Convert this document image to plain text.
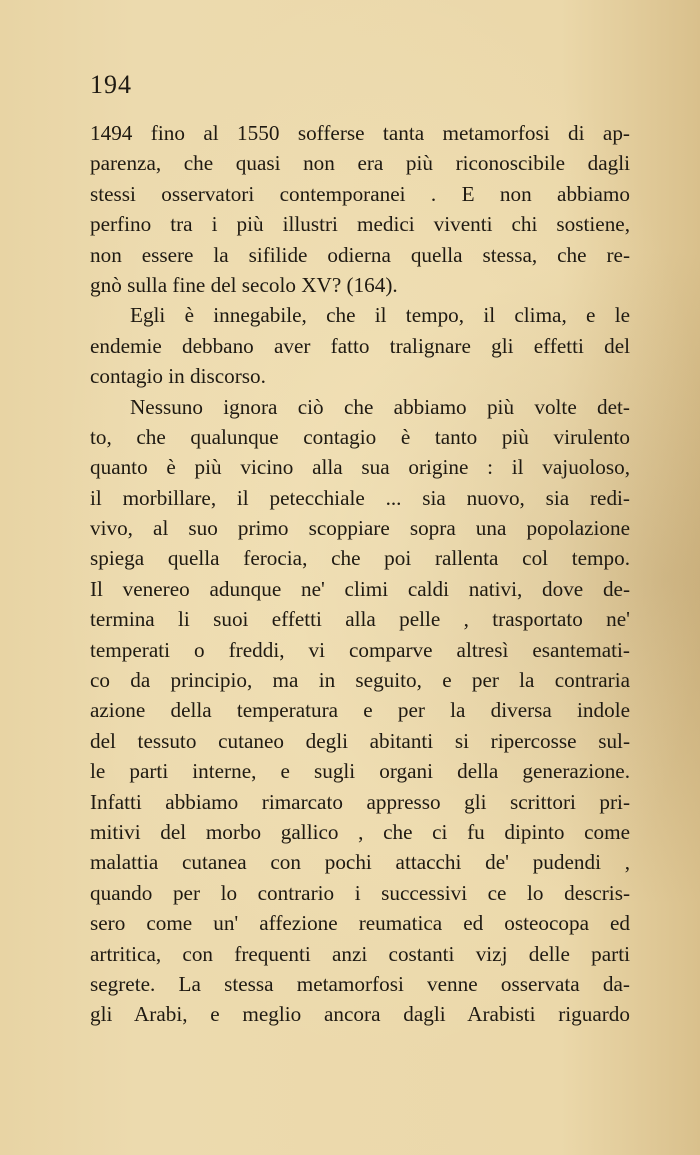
194
1494 fino al 1550 sofferse tanta metamorfosi di ap‐
parenza, che quasi non era più riconoscibile dagli
stessi osservatori contemporanei . E non abbiamo
perfino tra i più illustri medici viventi chi sostiene,
non essere la sifilide odierna quella stessa, che re-
gnò sulla fine del secolo XV? (164).
Egli è innegabile, che il tempo, il clima, e le
endemie debbano aver fatto tralignare gli effetti del
contagio in discorso.
Nessuno ignora ciò che abbiamo più volte det-
to, che qualunque contagio è tanto più virulento
quanto è più vicino alla sua origine : il vajuoloso,
il morbillare, il petecchiale ... sia nuovo, sia redi-
vivo, al suo primo scoppiare sopra una popolazione
spiega quella ferocia, che poi rallenta col tempo.
Il venereo adunque ne' climi caldi nativi, dove de-
termina li suoi effetti alla pelle , trasportato ne'
temperati o freddi, vi comparve altresì esantemati-
co da principio, ma in seguito, e per la contraria
azione della temperatura e per la diversa indole
del tessuto cutaneo degli abitanti si ripercosse sul-
le parti interne, e sugli organi della generazione.
Infatti abbiamo rimarcato appresso gli scrittori pri-
mitivi del morbo gallico , che ci fu dipinto come
malattia cutanea con pochi attacchi de' pudendi ,
quando per lo contrario i successivi ce lo descris-
sero come un' affezione reumatica ed osteocopa ed
artritica, con frequenti anzi costanti vizj delle parti
segrete. La stessa metamorfosi venne osservata da-
gli Arabi, e meglio ancora dagli Arabisti riguardo
